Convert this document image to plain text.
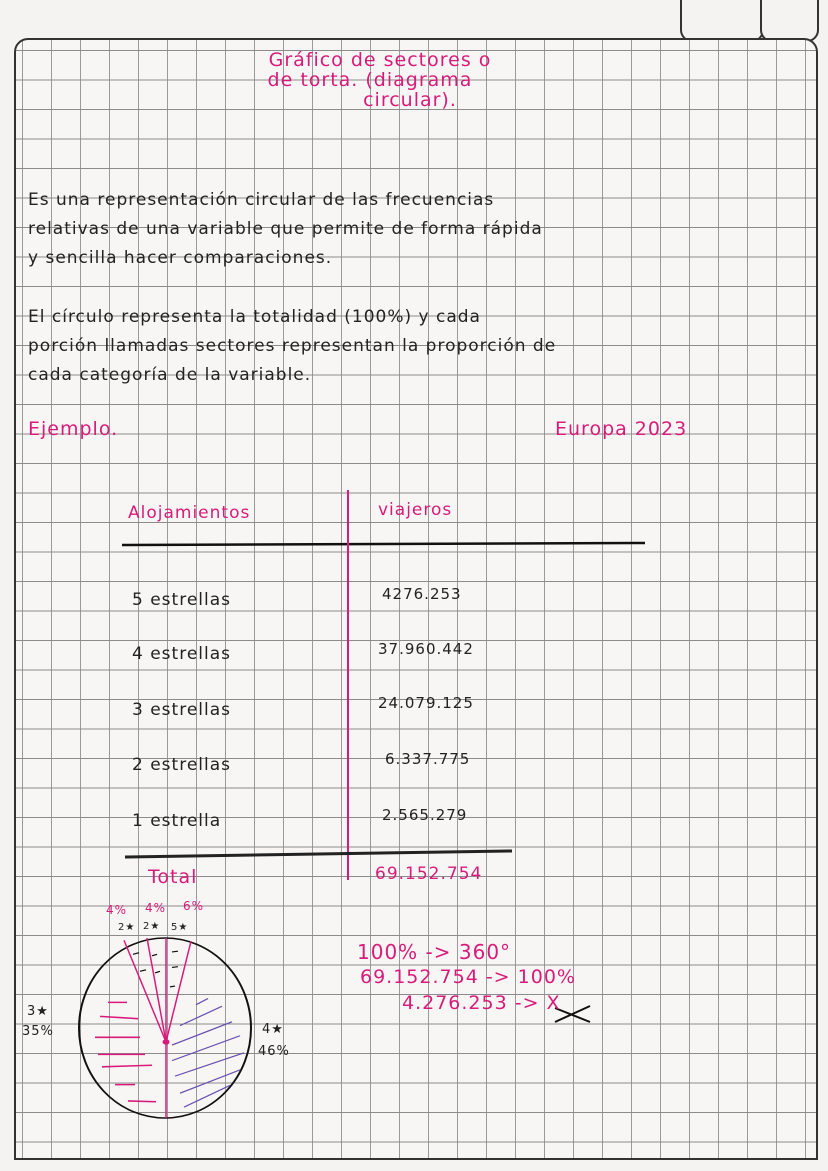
Gráfico de sectores o
de torta. (diagrama
circular).
Es una representación circular de las frecuencias
relativas de una variable que permite de forma rápida
y sencilla hacer comparaciones.
El círculo representa la totalidad (100%) y cada
porción llamadas sectores representan la proporción de
cada categoría de la variable.
Ejemplo.	Europa 2023
Alojamientos	viajeros
5 estrellas	4276.253
4 estrellas	37.960.442
3 estrellas	24.079.125
2 estrellas	6.337.775
1 estrella	2.565.279
Total	69.152.754
4% 4% 6%
2★ 2★ 5★
3★
35%	4★
46%
100% -> 360°
69.152.754 -> 100%
4.276.253 -> X
